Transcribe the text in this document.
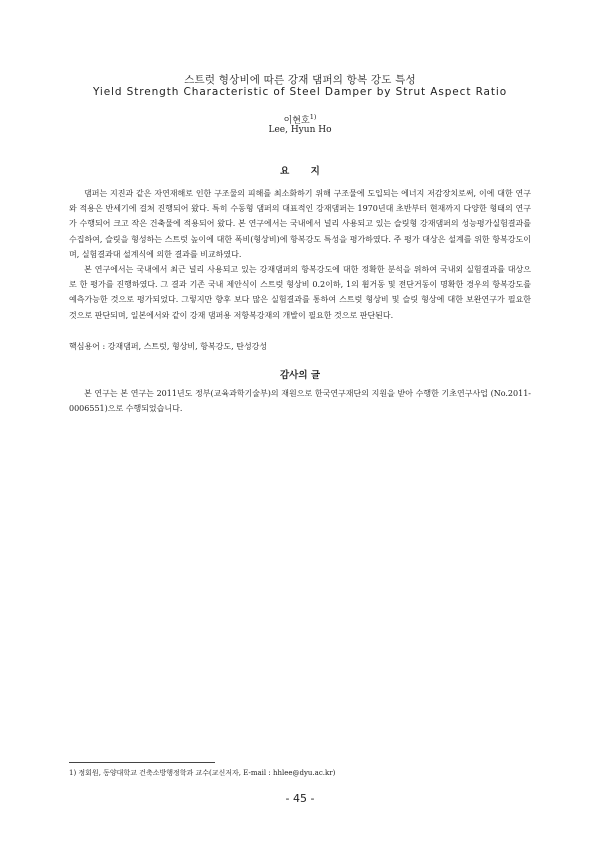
스트럿 형상비에 따른 강재 댐퍼의 항복 강도 특성
Yield Strength Characteristic of Steel Damper by Strut Aspect Ratio
이현호$^{1)}$
Lee, Hyun Ho
요 지

댐퍼는 지진과 같은 자연재해로 인한 구조물의 피해를 최소화하기 위해 구조물에 도입되는 에너지 저감장치로써, 이에 대한 연구와 적용은 반세기에 걸쳐 진행되어 왔다. 특히 수동형 댐퍼의 대표적인 강재댐퍼는 1970년대 초반부터 현재까지 다양한 형태의 연구가 수행되어 크고 작은 건축물에 적용되어 왔다. 본 연구에서는 국내에서 널리 사용되고 있는 슬릿형 강재댐퍼의 성능평가실험결과를 수집하여, 슬릿을 형성하는 스트럿 높이에 대한 폭비(형상비)에 항복강도 특성을 평가하였다. 주 평가 대상은 설계를 위한 항복강도이며, 실험결과대 설계식에 의한 결과를 비교하였다.

본 연구에서는 국내에서 최근 널리 사용되고 있는 강재댐퍼의 항복강도에 대한 정확한 분석을 위하여 국내외 실험결과를 대상으로 한 평가를 진행하였다. 그 결과 기존 국내 제안식이 스트럿 형상비 0.2이하, 1의 휨거동 및 전단거동이 명확한 경우의 항복강도를 예측가능한 것으로 평가되었다. 그렇지만 향후 보다 많은 실험결과를 통하여 스트럿 형상비 및 슬릿 형상에 대한 보완연구가 필요한 것으로 판단되며, 일본에서와 같이 강재 댐퍼용 저항복강재의 개발이 필요한 것으로 판단된다.

핵심용어 : 강재댐퍼, 스트럿, 형상비, 항복강도, 탄성강성
감사의 글

본 연구는 본 연구는 2011년도 정부(교육과학기술부)의 재원으로 한국연구재단의 지원을 받아 수행한 기초연구사업 (No.2011-0006551)으로 수행되었습니다.

1) 정회원, 동양대학교 건축소방행정학과 교수(교신저자, E-mail : hhlee@dyu.ac.kr)
- 45 -
